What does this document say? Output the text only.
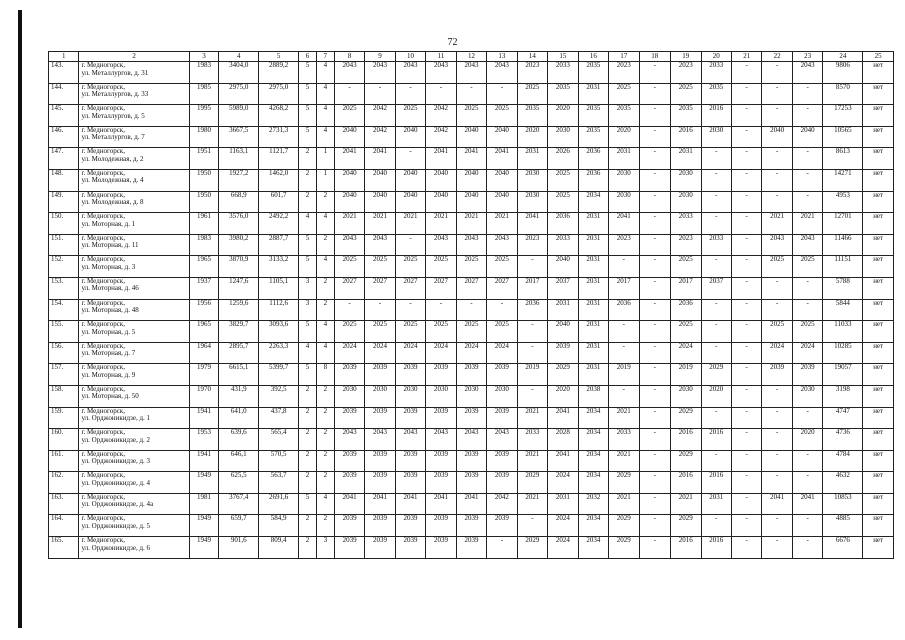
72
1	2	3	4	5	6	7	8	9	10	11	12	13	14	15	16	17	18	19	20	21	22	23	24	25
143.	г. Медногорск,
ул. Металлургов, д. 31	1983	3404,0	2889,2	5	4	2043	2043	2043	2043	2043	2043	2023	2033	2035	2023	-	2023	2033	-	-	2043	9806	нет
144.	г. Медногорск,
ул. Металлургов, д. 33	1985	2975,0	2975,0	5	4	-	-	-	-	-	-	2025	2035	2031	2025	-	2025	2035	-	-	-	8570	нет
145.	г. Медногорск,
ул. Металлургов, д. 5	1995	5989,0	4268,2	5	4	2025	2042	2025	2042	2025	2025	2035	2020	2035	2035	-	2035	2016	-	-	-	17253	нет
146.	г. Медногорск,
ул. Металлургов, д. 7	1980	3667,5	2731,3	5	4	2040	2042	2040	2042	2040	2040	2020	2030	2035	2020	-	2016	2030	-	2040	2040	10565	нет
147.	г. Медногорск,
ул. Молодежная, д. 2	1951	1163,1	1121,7	2	1	2041	2041	-	2041	2041	2041	2031	2026	2036	2031	-	2031	-	-	-	-	8613	нет
148.	г. Медногорск,
ул. Молодежная, д. 4	1950	1927,2	1462,0	2	1	2040	2040	2040	2040	2040	2040	2030	2025	2036	2030	-	2030	-	-	-	-	14271	нет
149.	г. Медногорск,
ул. Молодежная, д. 8	1950	668,9	601,7	2	2	2040	2040	2040	2040	2040	2040	2030	2025	2034	2030	-	2030	-	-	-	-	4953	нет
150.	г. Медногорск,
ул. Моторная, д. 1	1961	3576,0	2492,2	4	4	2021	2021	2021	2021	2021	2021	2041	2036	2031	2041	-	2033	-	-	2021	2021	12701	нет
151.	г. Медногорск,
ул. Моторная, д. 11	1983	3980,2	2887,7	5	2	2043	2043	-	2043	2043	2043	2023	2033	2031	2023	-	2023	2033	-	2043	2043	11466	нет
152.	г. Медногорск,
ул. Моторная, д. 3	1965	3870,9	3133,2	5	4	2025	2025	2025	2025	2025	2025	-	2040	2031	-	-	2025	-	-	2025	2025	11151	нет
153.	г. Медногорск,
ул. Моторная, д. 46	1937	1247,6	1105,1	3	2	2027	2027	2027	2027	2027	2027	2017	2037	2031	2017	-	2017	2037	-	-	-	5788	нет
154.	г. Медногорск,
ул. Моторная, д. 48	1956	1259,6	1112,6	3	2	-	-	-	-	-	-	2036	2031	2031	2036	-	2036	-	-	-	-	5844	нет
155.	г. Медногорск,
ул. Моторная, д. 5	1965	3829,7	3093,6	5	4	2025	2025	2025	2025	2025	2025	-	2040	2031	-	-	2025	-	-	2025	2025	11033	нет
156.	г. Медногорск,
ул. Моторная, д. 7	1964	2895,7	2263,3	4	4	2024	2024	2024	2024	2024	2024	-	2039	2031	-	-	2024	-	-	2024	2024	10285	нет
157.	г. Медногорск,
ул. Моторная, д. 9	1979	6615,1	5399,7	5	8	2039	2039	2039	2039	2039	2039	2019	2029	2031	2019	-	2019	2029	-	2039	2039	19057	нет
158.	г. Медногорск,
ул. Моторная, д. 50	1970	431,9	392,5	2	2	2030	2030	2030	2030	2030	2030	-	2020	2038	-	-	2030	2020	-	-	2030	3198	нет
159.	г. Медногорск,
ул. Орджоникидзе, д. 1	1941	641,0	437,8	2	2	2039	2039	2039	2039	2039	2039	2021	2041	2034	2021	-	2029	-	-	-	-	4747	нет
160.	г. Медногорск,
ул. Орджоникидзе, д. 2	1953	639,6	565,4	2	2	2043	2043	2043	2043	2043	2043	2033	2028	2034	2033	-	2016	2016	-	-	2020	4736	нет
161.	г. Медногорск,
ул. Орджоникидзе, д. 3	1941	646,1	570,5	2	2	2039	2039	2039	2039	2039	2039	2021	2041	2034	2021	-	2029	-	-	-	-	4784	нет
162.	г. Медногорск,
ул. Орджоникидзе, д. 4	1949	625,5	563,7	2	2	2039	2039	2039	2039	2039	2039	2029	2024	2034	2029	-	2016	2016	-	-	-	4632	нет
163.	г. Медногорск,
ул. Орджоникидзе, д. 4а	1981	3767,4	2691,6	5	4	2041	2041	2041	2041	2041	2042	2021	2031	2032	2021	-	2021	2031	-	2041	2041	10853	нет
164.	г. Медногорск,
ул. Орджоникидзе, д. 5	1949	659,7	584,9	2	2	2039	2039	2039	2039	2039	2039	-	2024	2034	2029	-	2029	-	-	-	-	4885	нет
165.	г. Медногорск,
ул. Орджоникидзе, д. 6	1949	901,6	809,4	2	3	2039	2039	2039	2039	2039	-	2029	2024	2034	2029	-	2016	2016	-	-	-	6676	нет
